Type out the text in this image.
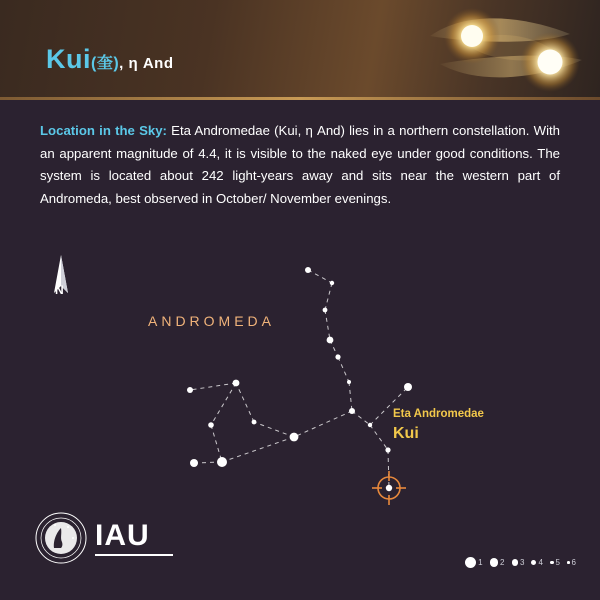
Kui(奎), η And
Location in the Sky: Eta Andromedae (Kui, η And) lies in a northern constellation. With an apparent magnitude of 4.4, it is visible to the naked eye under good conditions. The system is located about 242 light-years away and sits near the western part of Andromeda, best observed in October/ November evenings.
ANDROMEDA
N
Eta Andromedae
Kui
IAU
1 2 3 4 5 6
